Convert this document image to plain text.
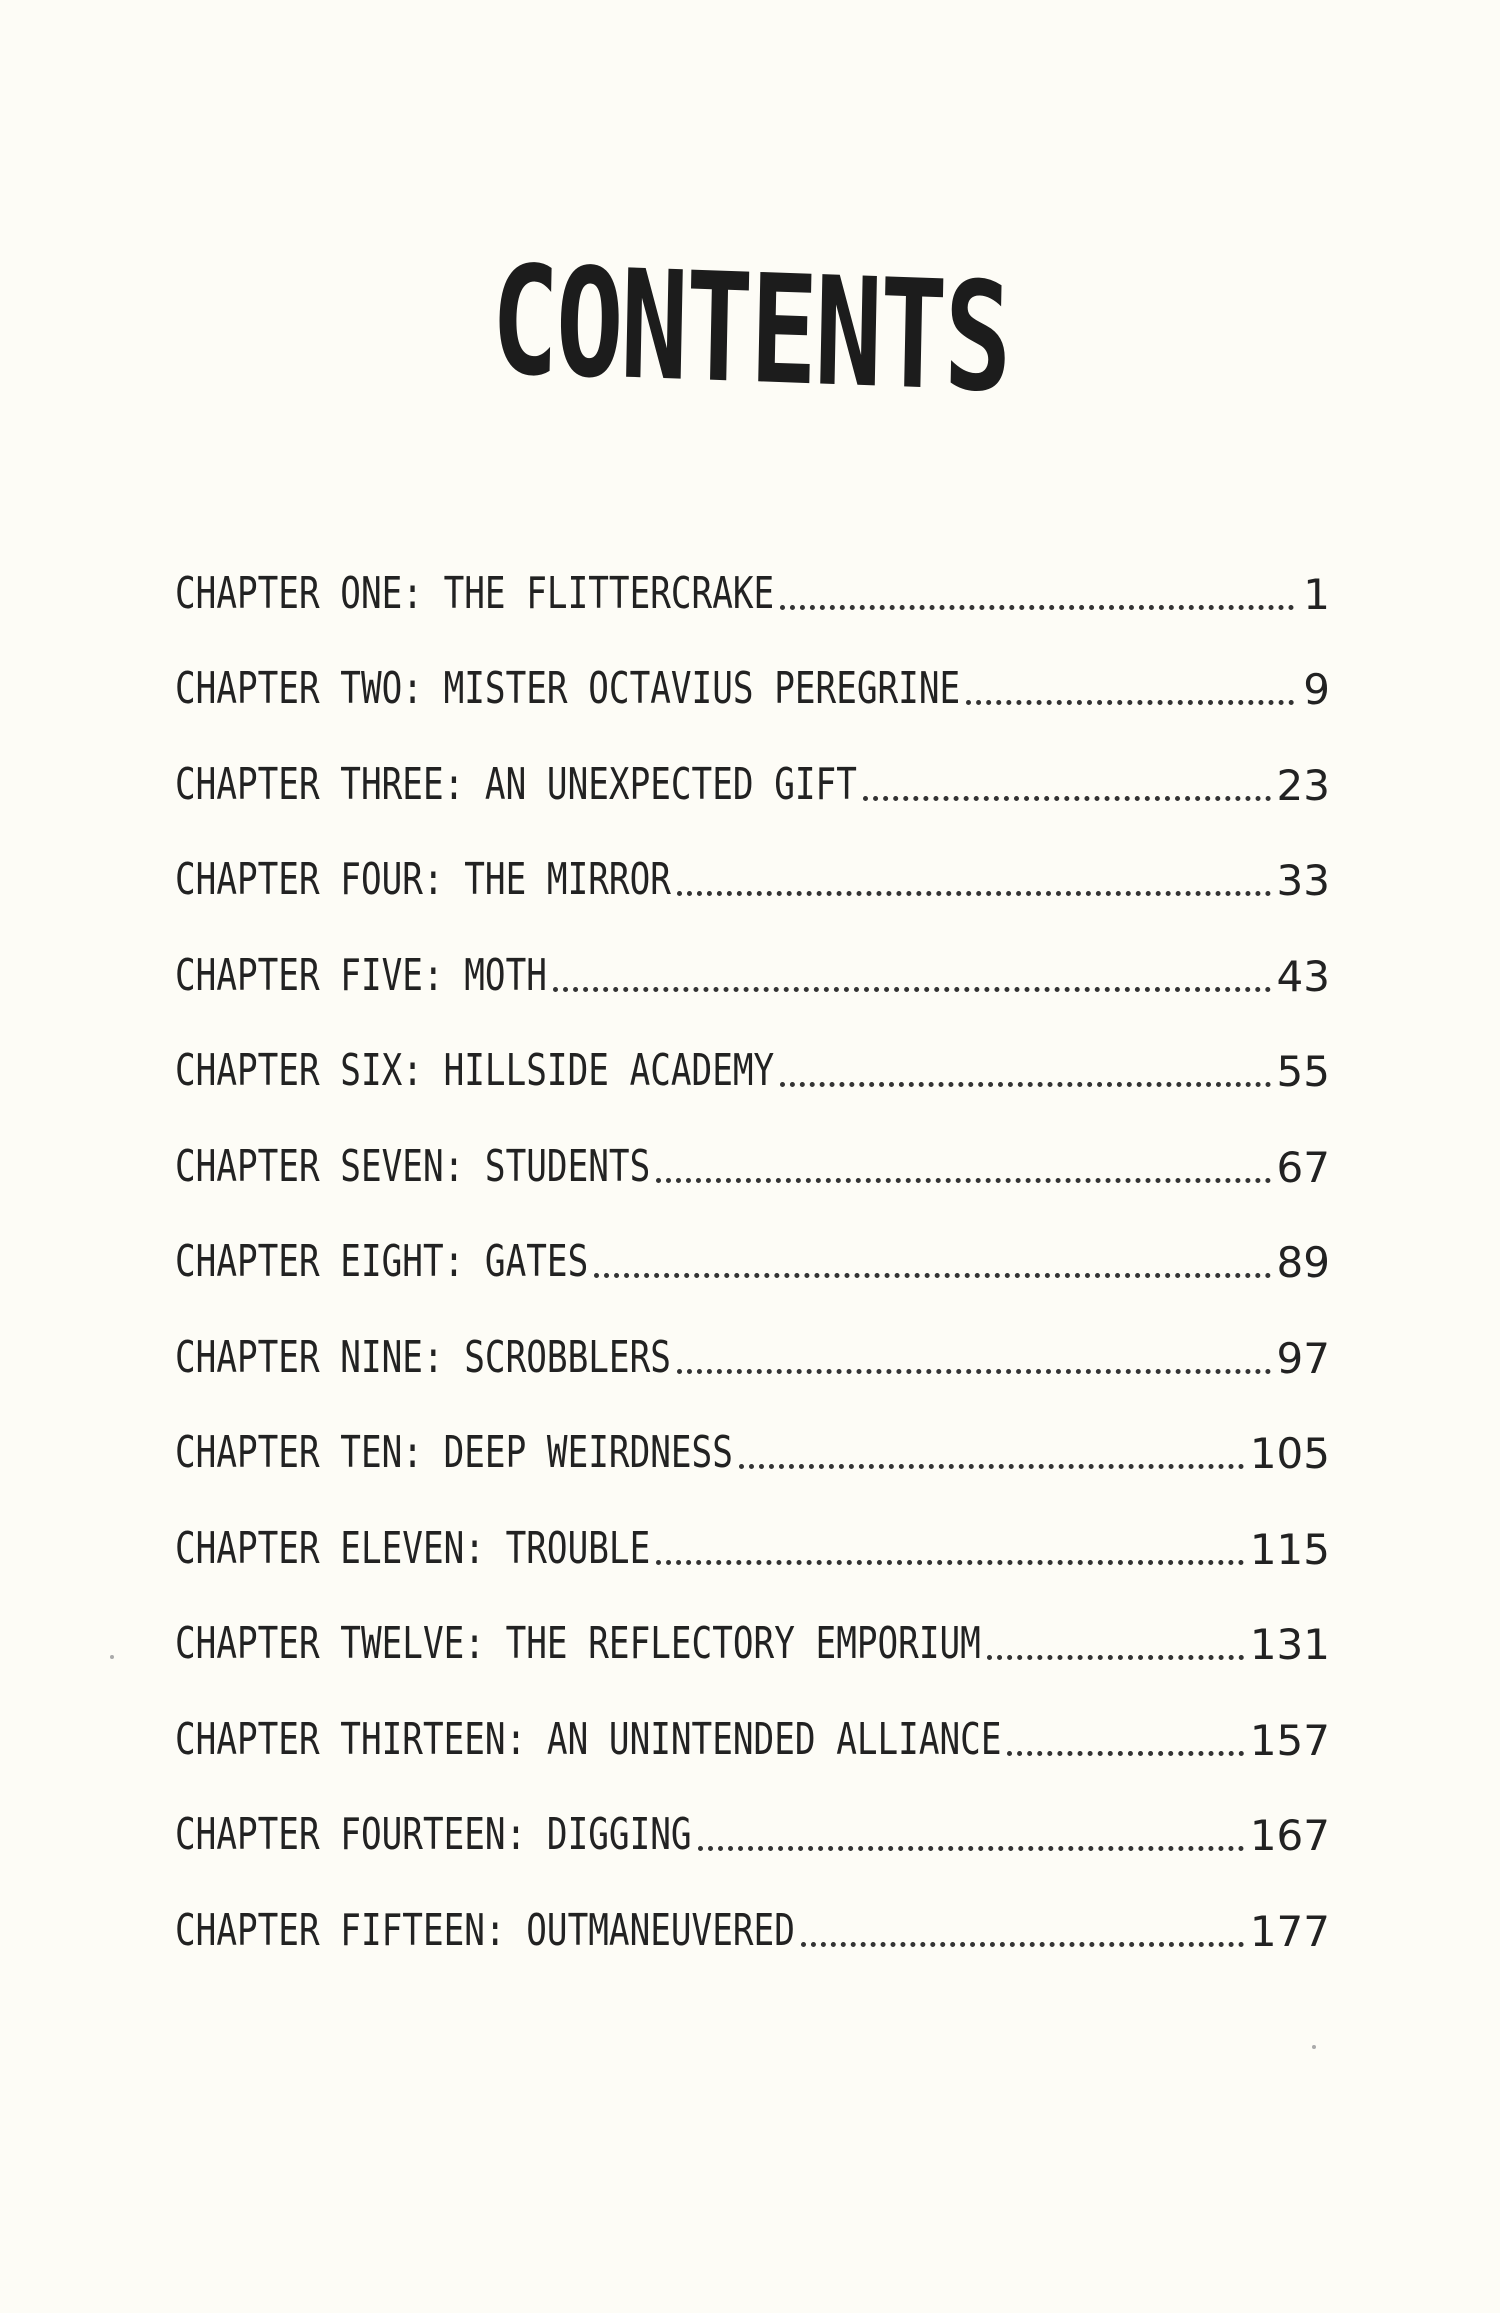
CONTENTS
CHAPTER ONE: THE FLITTERCRAKE	1
CHAPTER TWO: MISTER OCTAVIUS PEREGRINE	9
CHAPTER THREE: AN UNEXPECTED GIFT	23
CHAPTER FOUR: THE MIRROR	33
CHAPTER FIVE: MOTH	43
CHAPTER SIX: HILLSIDE ACADEMY	55
CHAPTER SEVEN: STUDENTS	67
CHAPTER EIGHT: GATES	89
CHAPTER NINE: SCROBBLERS	97
CHAPTER TEN: DEEP WEIRDNESS	105
CHAPTER ELEVEN: TROUBLE	115
CHAPTER TWELVE: THE REFLECTORY EMPORIUM	131
CHAPTER THIRTEEN: AN UNINTENDED ALLIANCE	157
CHAPTER FOURTEEN: DIGGING	167
CHAPTER FIFTEEN: OUTMANEUVERED	177
